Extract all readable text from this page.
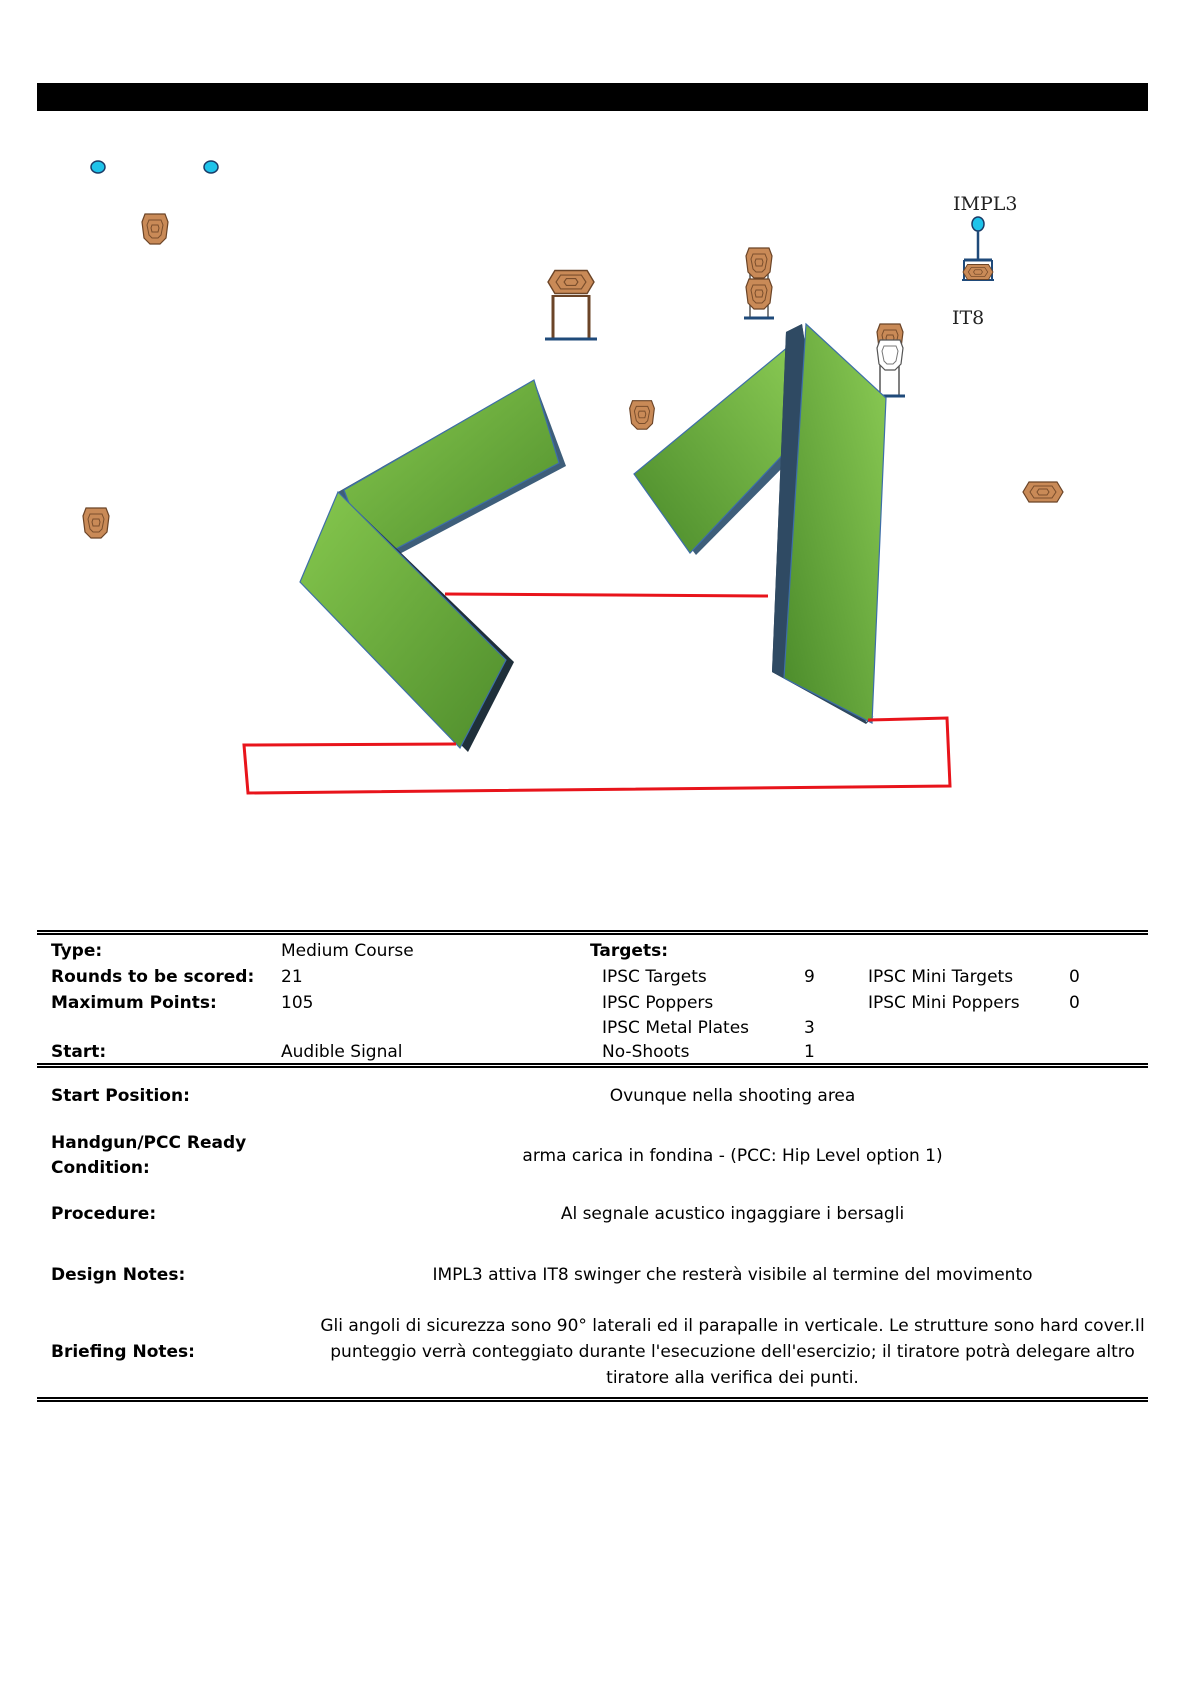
IMPL3
IT8
Type:	Medium Course	Targets:
Rounds to be scored: 21	IPSC Targets	9	IPSC Mini Targets	0
Maximum Points:	105	IPSC Poppers	IPSC Mini Poppers	0
IPSC Metal Plates	3
Start:	Audible Signal	No-Shoots	1
Start Position:	Ovunque nella shooting area
Handgun/PCC Ready
Condition:
arma carica in fondina - (PCC: Hip Level option 1)
Procedure:	Al segnale acustico ingaggiare i bersagli
Design Notes:	IMPL3 attiva IT8 swinger che resterà visibile al termine del movimento
Briefing Notes:
Gli angoli di sicurezza sono 90° laterali ed il parapalle in verticale. Le strutture sono hard cover.Il
punteggio verrà conteggiato durante l'esecuzione dell'esercizio; il tiratore potrà delegare altro
tiratore alla verifica dei punti.
